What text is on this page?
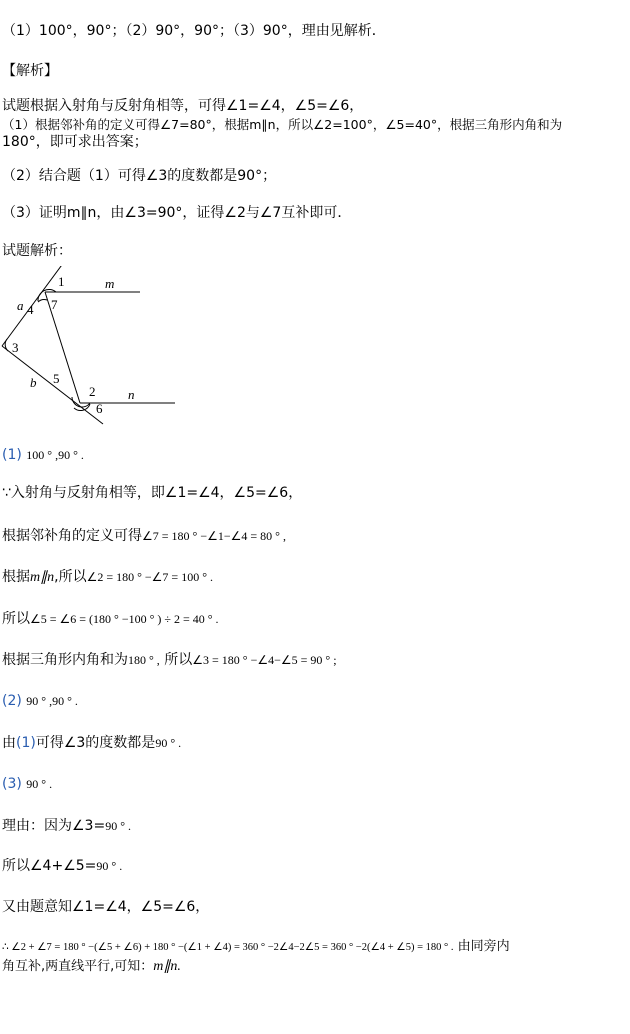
（1）100°，90°；（2）90°，90°；（3）90°，理由见解析．
【解析】
试题根据入射角与反射角相等，可得∠1=∠4，∠5=∠6，
（1）根据邻补角的定义可得∠7=80°，根据m∥n，所以∠2=100°，∠5=40°，根据三角形内角和为
180°，即可求出答案；
（2）结合题（1）可得∠3的度数都是90°；
（3）证明m∥n，由∠3=90°，证得∠2与∠7互补即可．
试题解析：
m
n
a
b
1
2
3
4
5
6
7
(1) 100 ° ,90 ° .
∵入射角与反射角相等，即∠1=∠4，∠5=∠6，
根据邻补角的定义可得∠7 = 180 ° −∠1−∠4 = 80 ° ,
根据m∥n,所以∠2 = 180 ° −∠7 = 100 ° .
所以∠5 = ∠6 = (180 ° −100 ° ) ÷ 2 = 40 ° .
根据三角形内角和为180 ° , 所以∠3 = 180 ° −∠4−∠5 = 90 ° ;
(2) 90 ° ,90 ° .
由(1)可得∠3的度数都是90 ° .
(3) 90 ° .
理由：因为∠3=90 ° .
所以∠4+∠5=90 ° .
又由题意知∠1=∠4，∠5=∠6，
∴ ∠2 + ∠7 = 180 ° −(∠5 + ∠6) + 180 ° −(∠1 + ∠4) = 360 ° −2∠4−2∠5 = 360 ° −2(∠4 + ∠5) = 180 ° . 由同旁内
角互补,两直线平行,可知：m∥n.
